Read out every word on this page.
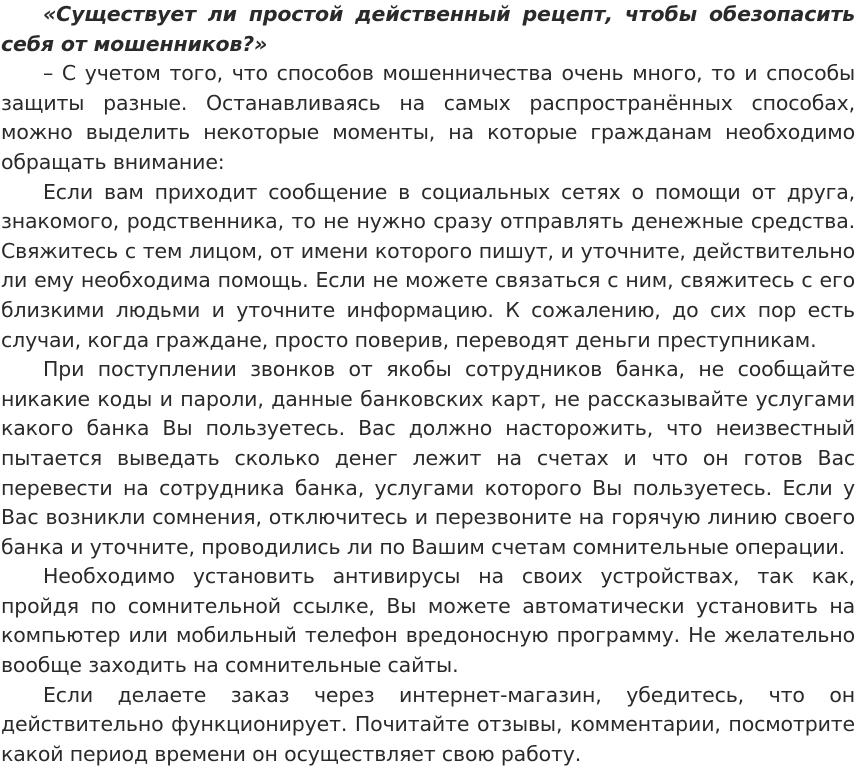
«Существует ли простой действенный рецепт, чтобы обезопасить себя от мошенников?»

– С учетом того, что способов мошенничества очень много, то и способы защиты разные. Останавливаясь на самых распространённых способах, можно выделить некоторые моменты, на которые гражданам необходимо обращать внимание:

Если вам приходит сообщение в социальных сетях о помощи от друга, знакомого, родственника, то не нужно сразу отправлять денежные средства. Свяжитесь с тем лицом, от имени которого пишут, и уточните, действительно ли ему необходима помощь. Если не можете связаться с ним, свяжитесь с его близкими людьми и уточните информацию. К сожалению, до сих пор есть случаи, когда граждане, просто поверив, переводят деньги преступникам.

При поступлении звонков от якобы сотрудников банка, не сообщайте никакие коды и пароли, данные банковских карт, не рассказывайте услугами какого банка Вы пользуетесь. Вас должно насторожить, что неизвестный пытается выведать сколько денег лежит на счетах и что он готов Вас перевести на сотрудника банка, услугами которого Вы пользуетесь. Если у Вас возникли сомнения, отключитесь и перезвоните на горячую линию своего банка и уточните, проводились ли по Вашим счетам сомнительные операции.

Необходимо установить антивирусы на своих устройствах, так как, пройдя по сомнительной ссылке, Вы можете автоматически установить на компьютер или мобильный телефон вредоносную программу. Не желательно вообще заходить на сомнительные сайты.

Если делаете заказ через интернет-магазин, убедитесь, что он действительно функционирует. Почитайте отзывы, комментарии, посмотрите какой период времени он осуществляет свою работу.
